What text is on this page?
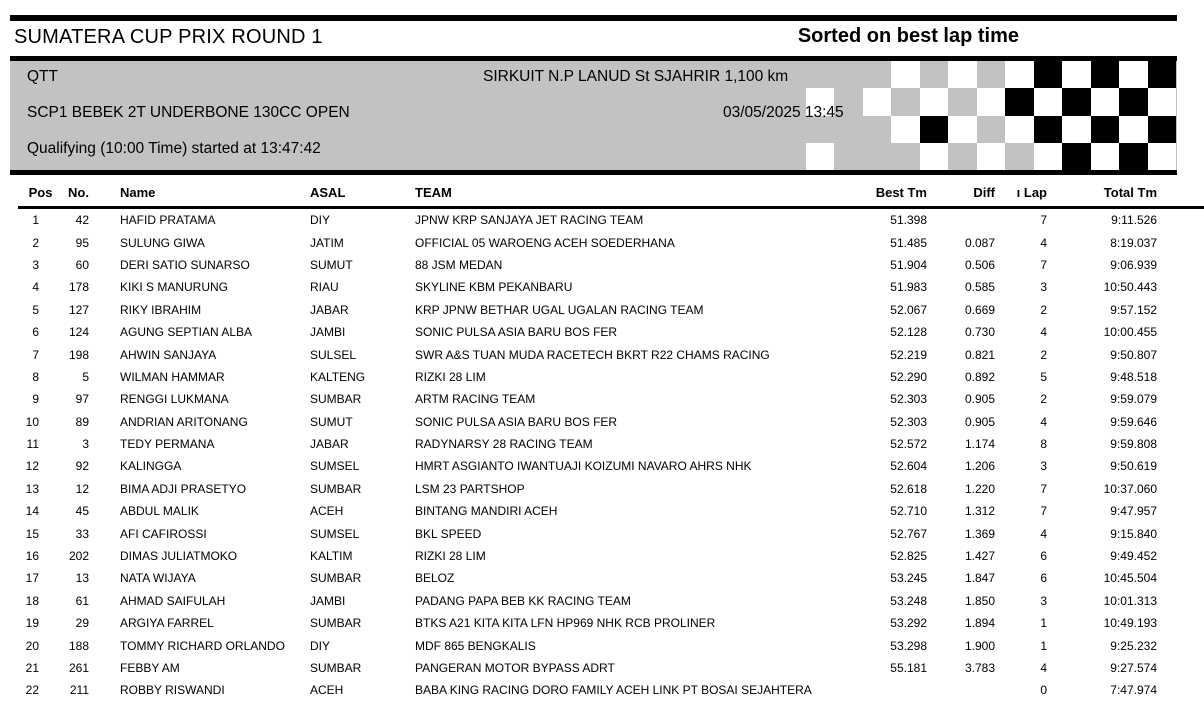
SUMATERA CUP PRIX ROUND 1	Sorted on best lap time
QTT	SIRKUIT N.P LANUD St SJAHRIR 1,100 km
SCP1 BEBEK 2T UNDERBONE 130CC OPEN	03/05/2025 13:45
Qualifying (10:00 Time) started at 13:47:42
Pos	No.	Name	ASAL	TEAM	Best Tm	Diff	ı Lap	Total Tm	
1	42	HAFID PRATAMA	DIY	JPNW KRP SANJAYA JET RACING TEAM	51.398		7	9:11.526	
2	95	SULUNG GIWA	JATIM	OFFICIAL 05 WAROENG ACEH SOEDERHANA	51.485	0.087	4	8:19.037	
3	60	DERI SATIO SUNARSO	SUMUT	88 JSM MEDAN	51.904	0.506	7	9:06.939	
4	178	KIKI S MANURUNG	RIAU	SKYLINE KBM PEKANBARU	51.983	0.585	3	10:50.443	
5	127	RIKY IBRAHIM	JABAR	KRP JPNW BETHAR UGAL UGALAN RACING TEAM	52.067	0.669	2	9:57.152	
6	124	AGUNG SEPTIAN ALBA	JAMBI	SONIC PULSA ASIA BARU BOS FER	52.128	0.730	4	10:00.455	
7	198	AHWIN SANJAYA	SULSEL	SWR A&S TUAN MUDA RACETECH BKRT R22 CHAMS RACING	52.219	0.821	2	9:50.807	
8	5	WILMAN HAMMAR	KALTENG	RIZKI 28 LIM	52.290	0.892	5	9:48.518	
9	97	RENGGI LUKMANA	SUMBAR	ARTM RACING TEAM	52.303	0.905	2	9:59.079	
10	89	ANDRIAN ARITONANG	SUMUT	SONIC PULSA ASIA BARU BOS FER	52.303	0.905	4	9:59.646	
11	3	TEDY PERMANA	JABAR	RADYNARSY 28 RACING TEAM	52.572	1.174	8	9:59.808	
12	92	KALINGGA	SUMSEL	HMRT ASGIANTO IWANTUAJI KOIZUMI NAVARO AHRS NHK	52.604	1.206	3	9:50.619	
13	12	BIMA ADJI PRASETYO	SUMBAR	LSM 23 PARTSHOP	52.618	1.220	7	10:37.060	
14	45	ABDUL MALIK	ACEH	BINTANG MANDIRI ACEH	52.710	1.312	7	9:47.957	
15	33	AFI CAFIROSSI	SUMSEL	BKL SPEED	52.767	1.369	4	9:15.840	
16	202	DIMAS JULIATMOKO	KALTIM	RIZKI 28 LIM	52.825	1.427	6	9:49.452	
17	13	NATA WIJAYA	SUMBAR	BELOZ	53.245	1.847	6	10:45.504	
18	61	AHMAD SAIFULAH	JAMBI	PADANG PAPA BEB KK RACING TEAM	53.248	1.850	3	10:01.313	
19	29	ARGIYA FARREL	SUMBAR	BTKS A21 KITA KITA LFN HP969 NHK RCB PROLINER	53.292	1.894	1	10:49.193	
20	188	TOMMY RICHARD ORLANDO	DIY	MDF 865 BENGKALIS	53.298	1.900	1	9:25.232	
21	261	FEBBY AM	SUMBAR	PANGERAN MOTOR BYPASS ADRT	55.181	3.783	4	9:27.574	
22	211	ROBBY RISWANDI	ACEH	BABA KING RACING DORO FAMILY ACEH LINK PT BOSAI SEJAHTERA			0	7:47.974	
